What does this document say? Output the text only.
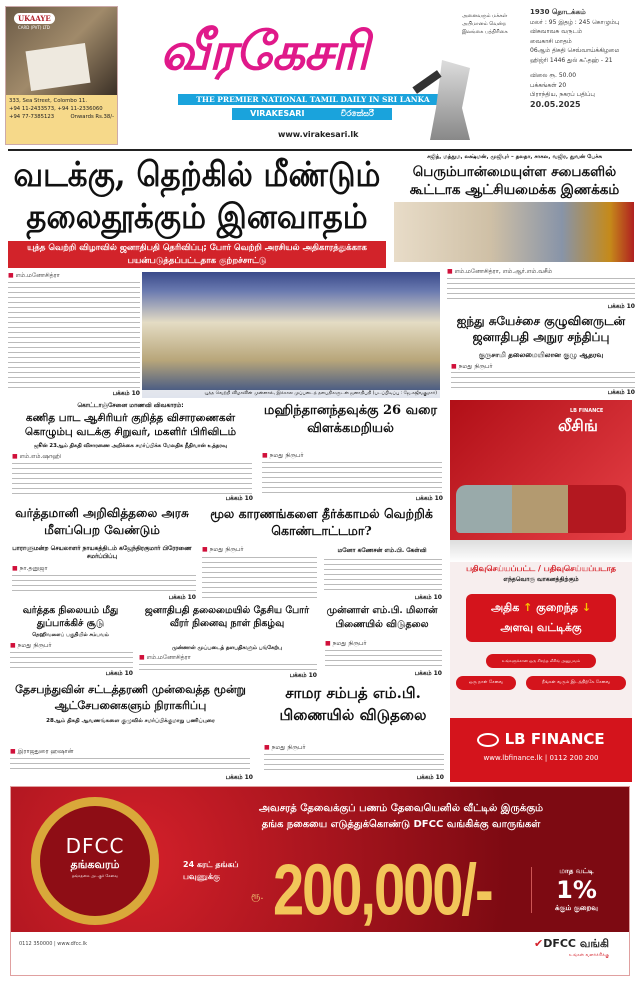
UKAAYE
CARD (PVT) LTD
333, Sea Street, Colombo 11.
+94 11-2433573, +94 11-2336060
+94 77-7385123	Onwards Rs.38/-
வீரகேசரி
THE PREMIER NATIONAL TAMIL DAILY IN SRI LANKA
VIRAKESARI	වීරකේසරී
www.virakesari.lk
அனைவரும் மக்கள் அபிமானம் வென்ற இலங்கை பத்திரிகை
1930 தொடக்கம்
மலர் : 95 இதழ் : 245 கொழும்பு
விசுவாவசு வருடம்
வைகாசி மாதம்
06ஆம் திகதி செவ்வாய்க்கிழமை
ஹிஜ்ரி 1446 துல் கஃதஹ் - 21
விலை ரூ. 50.00
பக்கங்கள் 20
பிராந்திய, நகரப் பதிப்பு
20.05.2025
வடக்கு, தெற்கில் மீண்டும் தலைதூக்கும் இனவாதம்
யுத்த வெற்றி விழாவில் ஜனாதிபதி தெரிவிப்பு; போர் வெற்றி அரசியல் அதிகாரத்துக்காக பயன்படுத்தப்பட்டதாக குற்றச்சாட்டு
சஜித், மத்தும, லக்ஷ்மன், முஜிபுர் – தலதா, சாகல, வஜிர, துவன் பேச்சு
பெரும்பான்மையுள்ள சபைகளில் கூட்டாக ஆட்சியமைக்க இணக்கம்
■ எம்.மனோசித்ரா
பக்கம் 10	யுத்த வெற்றி விழாவின் முன்னால், இக்கால முப்படைத் தளபதிகளுடன் ஜனாதிபதி (படப்பிடிப்பு : ஜே.சுஜீவகுமார்)
■ எம்.மனோசித்ரா, எம்.ஆர்.எம்.வசீம்
பக்கம் 10
ஐந்து சுயேச்சை குழுவினருடன் ஜனாதிபதி அநுர சந்திப்பு
குருசாமி தலைமையிலான குழு ஆதரவு
■ நமது நிருபர்
பக்கம் 10
LB FINANCE
லீசிங்
பதிவுசெய்யப்பட்ட / பதிவுசெய்யப்படாத
எந்தவொரு வாகனத்திற்கும்
அதிக ↑ குறைந்த ↓
அளவு வட்டிக்கு
உங்களுக்கான ஒரு சிறந்த லீசிங் அனுபவம்
ஒரு நாள் சேவை	நீங்கள் வரும் இடத்திற்கே சேவை
LB FINANCE
www.lbfinance.lk | 0112 200 200
கொட்டாஞ்சேனை மாணவி விவகாரம்:
கணித பாட ஆசிரியர் குறித்த விசாரணைகள் கொழும்பு வடக்கு சிறுவர், மகளிர் பிரிவிடம்
ஜூன் 23ஆம் திகதி விசாரணை அறிக்கை சமர்ப்பிக்க மேலதிக நீதிவான் உத்தரவு
■ எம்.எம்.ஷாஹி
பக்கம் 10
மஹிந்தானந்தவுக்கு 26 வரை விளக்கமறியல்
■ நமது நிருபர்
பக்கம் 10
வர்த்தமானி அறிவித்தலை அரசு மீளப்பெற வேண்டும்
பாராளுமன்ற செயலாளர் நாயகத்திடம் கஜேந்திரகுமார் பிரேரணை சமர்ப்பிப்பு
■ நா.தனுஜா
பக்கம் 10
மூல காரணங்களை தீர்க்காமல் வெற்றிக் கொண்டாட்டமா?
மனோ கணேசன் எம்.பி. கேள்வி
■ நமது நிருபர்
பக்கம் 10
வர்த்தக நிலையம் மீது துப்பாக்கிச் சூடு
தெஹிவளைப் பகுதியில் சம்பவம்
■ நமது நிருபர்
பக்கம் 10
ஜனாதிபதி தலைமையில் தேசிய போர் வீரர் நினைவு நாள் நிகழ்வு
முன்னாள் முப்படைத் தளபதிகளும் பங்கேற்பு
■ எம்.மனோசித்ரா
பக்கம் 10
முன்னாள் எம்.பி. மிலான் பிணையில் விடுதலை
■ நமது நிருபர்
பக்கம் 10
தேசபந்துவின் சட்டத்தரணி முன்வைத்த மூன்று ஆட்சேபனைகளும் நிராகரிப்பு
28ஆம் திகதி ஆவணங்களை குழுவில் சமர்ப்பிக்குமாறு பணிப்புரை
■ இராஜதுரை ஹஷான்
பக்கம் 10
சாமர சம்பத் எம்.பி. பிணையில் விடுதலை
■ நமது நிருபர்
பக்கம் 10
DFCC
தங்கவரம்
தங்கநகை அடகுச் சேவை
அவசரத் தேவைக்குப் பணம் தேவையெனில் வீட்டில் இருக்கும்
தங்க நகையை எடுத்துக்கொண்டு DFCC வங்கிக்கு வாருங்கள்
24 கரட் தங்கப் பவுணுக்கு
ரூ. 200,000/-	மாத வட்டி
1%
க்கும் குறைவு
0112 350000 | www.dfcc.lk	✔DFCC வங்கி
உங்கள் வளர்ச்சிக்கு
